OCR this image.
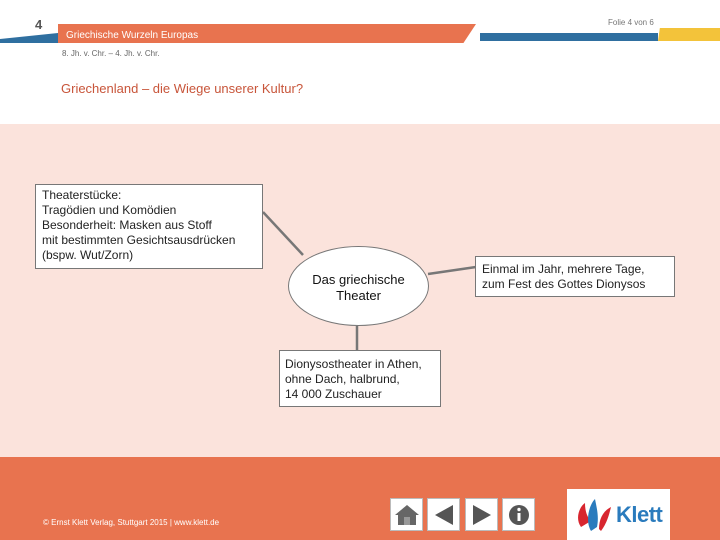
4
Griechische Wurzeln Europas
Folie 4 von 6
8. Jh. v. Chr. – 4. Jh. v. Chr.
Griechenland – die Wiege unserer Kultur?
Theaterstücke:
Tragödien und Komödien
Besonderheit: Masken aus Stoff
mit bestimmten Gesichtsausdrücken
(bspw. Wut/Zorn)
Das griechische
Theater
Einmal im Jahr, mehrere Tage,
zum Fest des Gottes Dionysos
Dionysostheater in Athen,
ohne Dach, halbrund,
14 000 Zuschauer
© Ernst Klett Verlag, Stuttgart 2015 | www.klett.de	Klett
